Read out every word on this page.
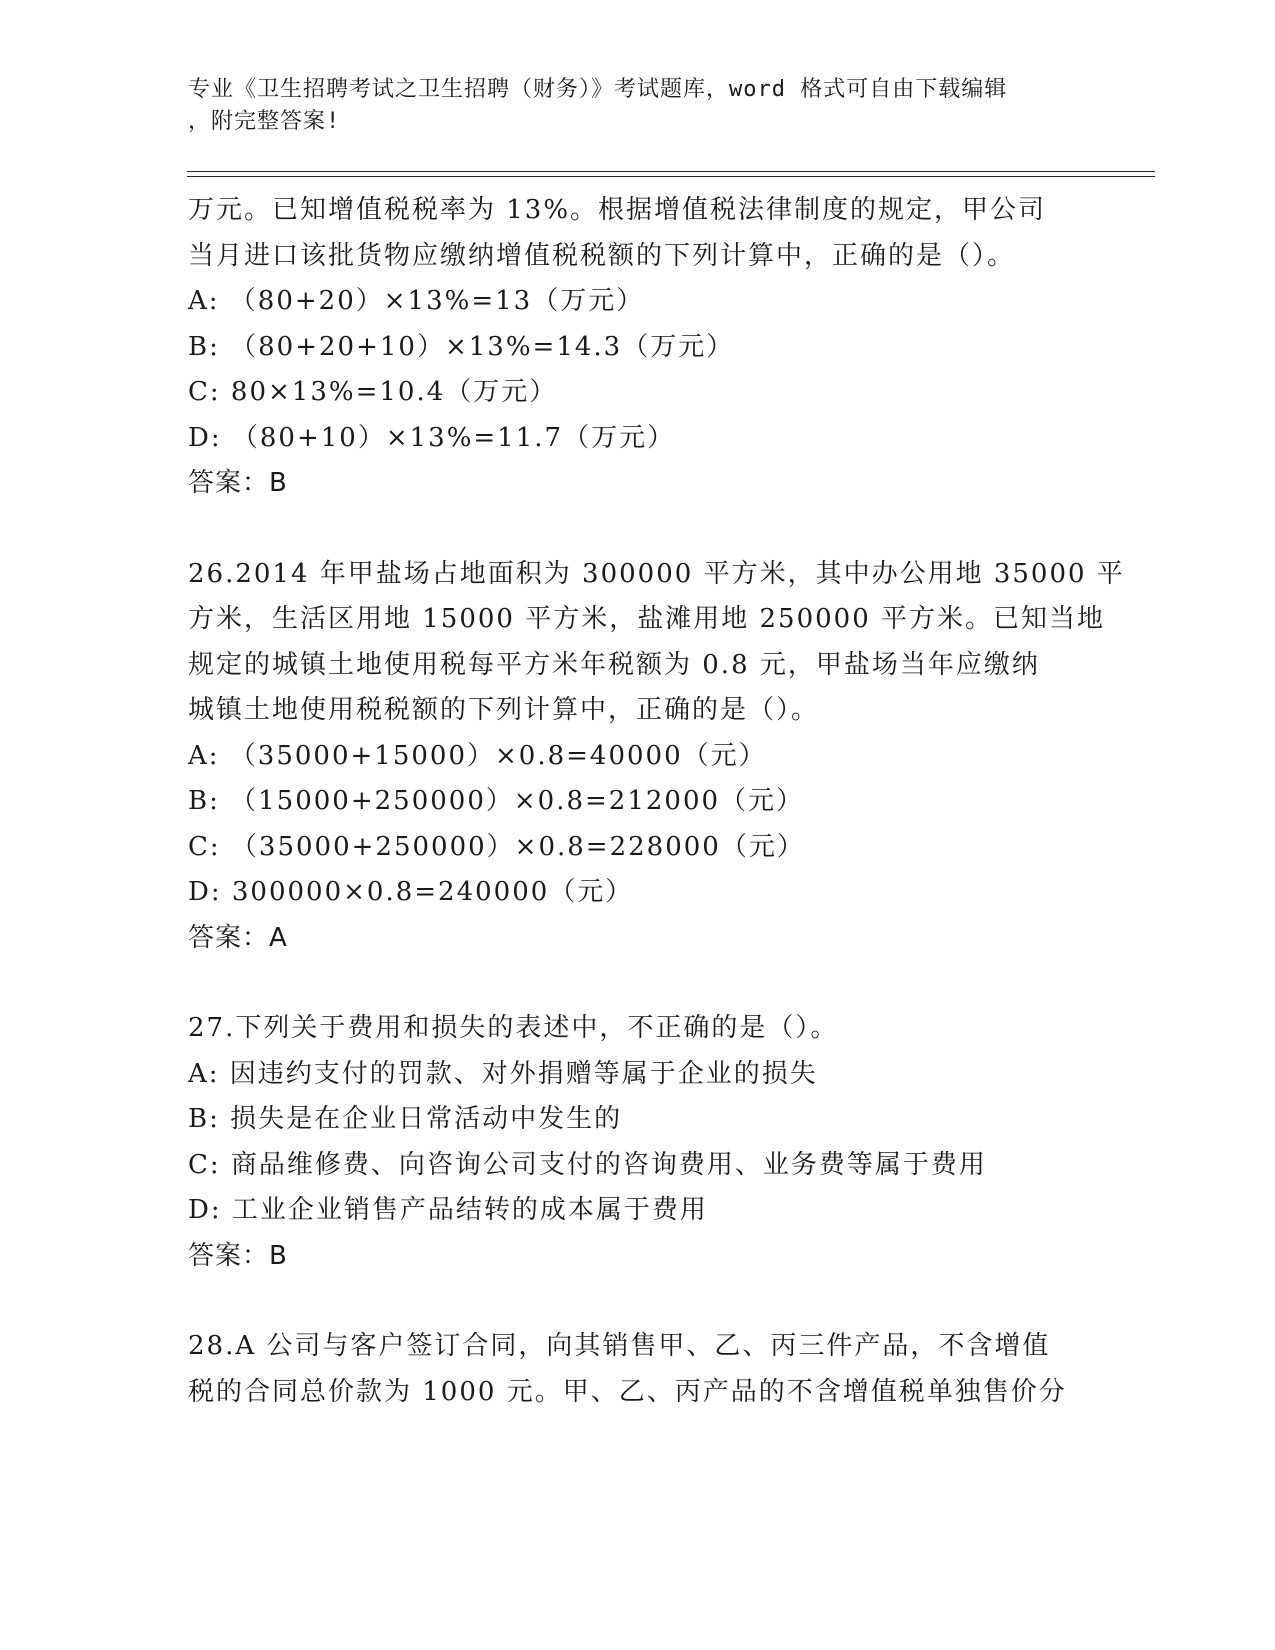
专业《卫生招聘考试之卫生招聘（财务）》考试题库，word 格式可自由下载编辑
，附完整答案!
万元。已知增值税税率为 13%。根据增值税法律制度的规定，甲公司
当月进口该批货物应缴纳增值税税额的下列计算中，正确的是（）。
A: （80+20）×13%=13（万元）
B: （80+20+10）×13%=14.3（万元）
C: 80×13%=10.4（万元）
D: （80+10）×13%=11.7（万元）
答案：B
26.2014 年甲盐场占地面积为 300000 平方米，其中办公用地 35000 平
方米，生活区用地 15000 平方米，盐滩用地 250000 平方米。已知当地
规定的城镇土地使用税每平方米年税额为 0.8 元，甲盐场当年应缴纳
城镇土地使用税税额的下列计算中，正确的是（）。
A: （35000+15000）×0.8=40000（元）
B: （15000+250000）×0.8=212000（元）
C: （35000+250000）×0.8=228000（元）
D: 300000×0.8=240000（元）
答案：A
27.下列关于费用和损失的表述中，不正确的是（）。
A: 因违约支付的罚款、对外捐赠等属于企业的损失
B: 损失是在企业日常活动中发生的
C: 商品维修费、向咨询公司支付的咨询费用、业务费等属于费用
D: 工业企业销售产品结转的成本属于费用
答案：B
28.A 公司与客户签订合同，向其销售甲、乙、丙三件产品，不含增值
税的合同总价款为 1000 元。甲、乙、丙产品的不含增值税单独售价分
